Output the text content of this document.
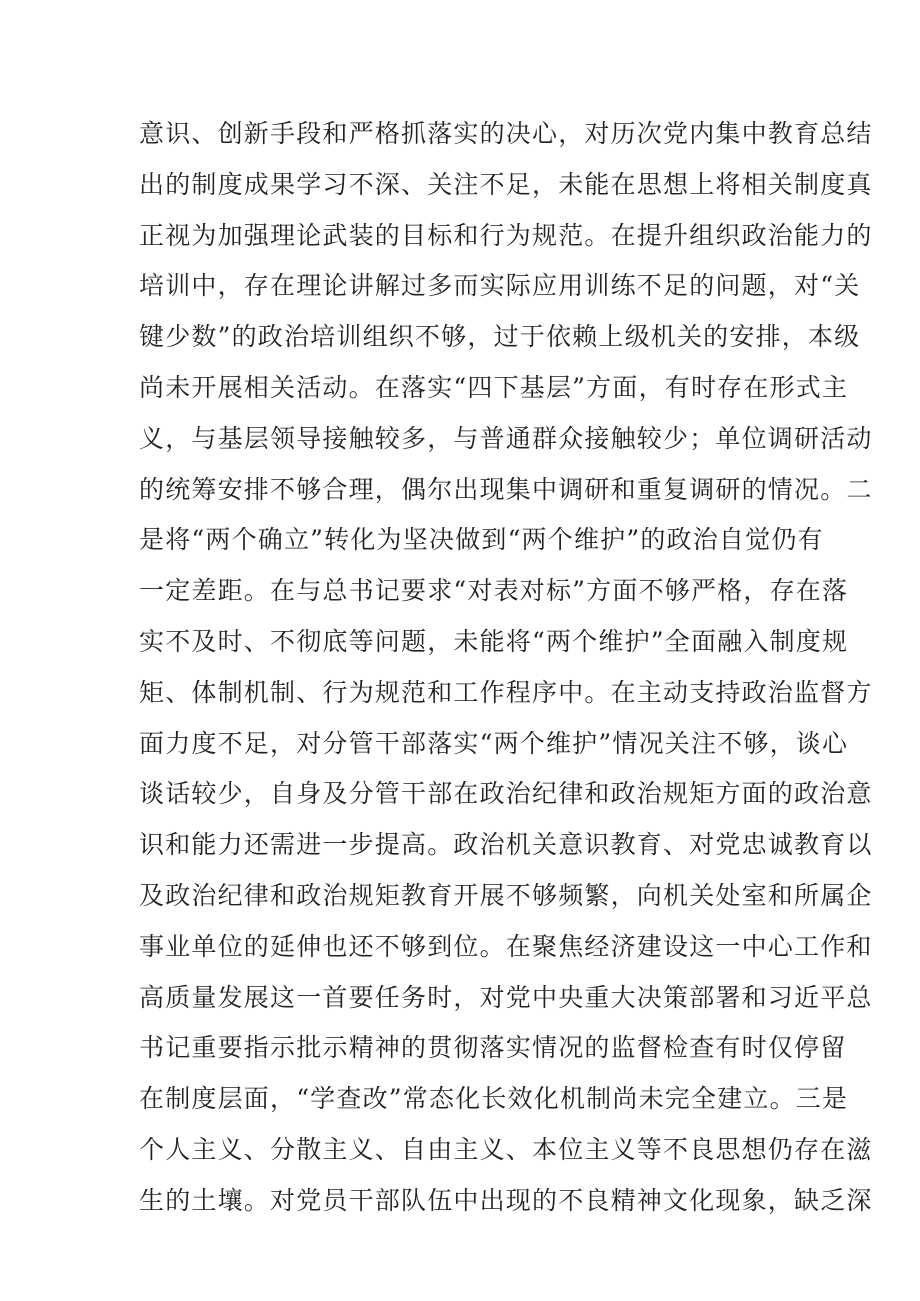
意识、创新手段和严格抓落实的决心，对历次党内集中教育总结
出的制度成果学习不深、关注不足，未能在思想上将相关制度真
正视为加强理论武装的目标和行为规范。在提升组织政治能力的
培训中，存在理论讲解过多而实际应用训练不足的问题，对“关
键少数”的政治培训组织不够，过于依赖上级机关的安排，本级
尚未开展相关活动。在落实“四下基层”方面，有时存在形式主
义，与基层领导接触较多，与普通群众接触较少；单位调研活动
的统筹安排不够合理，偶尔出现集中调研和重复调研的情况。二
是将“两个确立”转化为坚决做到“两个维护”的政治自觉仍有
一定差距。在与总书记要求“对表对标”方面不够严格，存在落
实不及时、不彻底等问题，未能将“两个维护”全面融入制度规
矩、体制机制、行为规范和工作程序中。在主动支持政治监督方
面力度不足，对分管干部落实“两个维护”情况关注不够，谈心
谈话较少，自身及分管干部在政治纪律和政治规矩方面的政治意
识和能力还需进一步提高。政治机关意识教育、对党忠诚教育以
及政治纪律和政治规矩教育开展不够频繁，向机关处室和所属企
事业单位的延伸也还不够到位。在聚焦经济建设这一中心工作和
高质量发展这一首要任务时，对党中央重大决策部署和习近平总
书记重要指示批示精神的贯彻落实情况的监督检查有时仅停留
在制度层面，“学查改”常态化长效化机制尚未完全建立。三是
个人主义、分散主义、自由主义、本位主义等不良思想仍存在滋
生的土壤。对党员干部队伍中出现的不良精神文化现象，缺乏深
